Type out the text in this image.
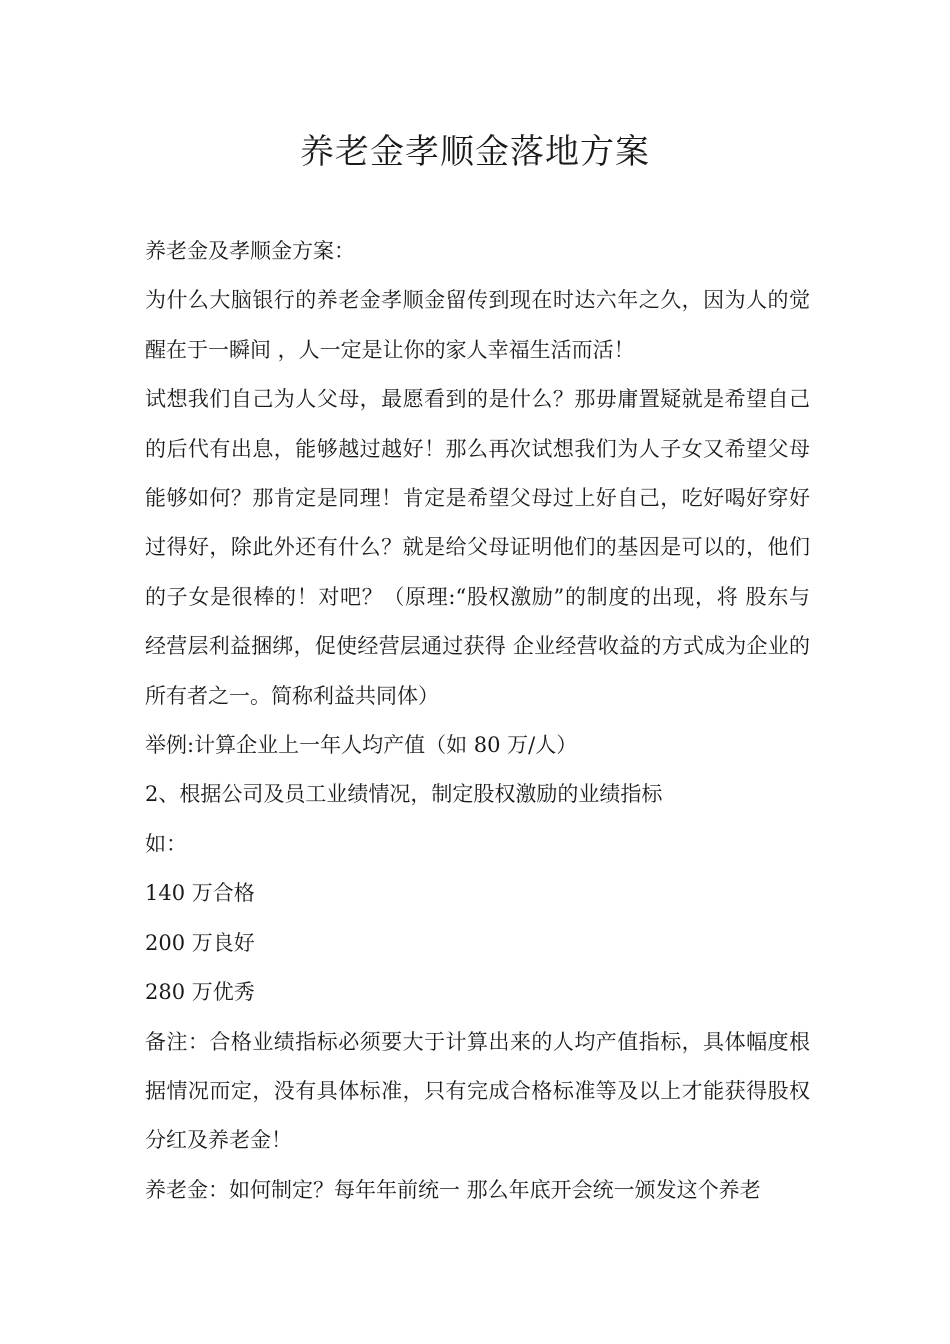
养老金孝顺金落地方案

养老金及孝顺金方案：

为什么大脑银行的养老金孝顺金留传到现在时达六年之久，因为人的觉醒在于一瞬间 ，人一定是让你的家人幸福生活而活！

试想我们自己为人父母，最愿看到的是什么？那毋庸置疑就是希望自己的后代有出息，能够越过越好！那么再次试想我们为人子女又希望父母能够如何？那肯定是同理！肯定是希望父母过上好自己，吃好喝好穿好过得好，除此外还有什么？就是给父母证明他们的基因是可以的，他们的子女是很棒的！对吧？（原理:“股权激励”的制度的出现，将 股东与经营层利益捆绑，促使经营层通过获得 企业经营收益的方式成为企业的所有者之一。简称利益共同体）

举例:计算企业上一年人均产值（如 80 万/人）

2、根据公司及员工业绩情况，制定股权激励的业绩指标

如：

140 万合格

200 万良好

280 万优秀

备注：合格业绩指标必须要大于计算出来的人均产值指标，具体幅度根据情况而定，没有具体标准，只有完成合格标准等及以上才能获得股权分红及养老金！

养老金：如何制定？每年年前统一 那么年底开会统一颁发这个养老
